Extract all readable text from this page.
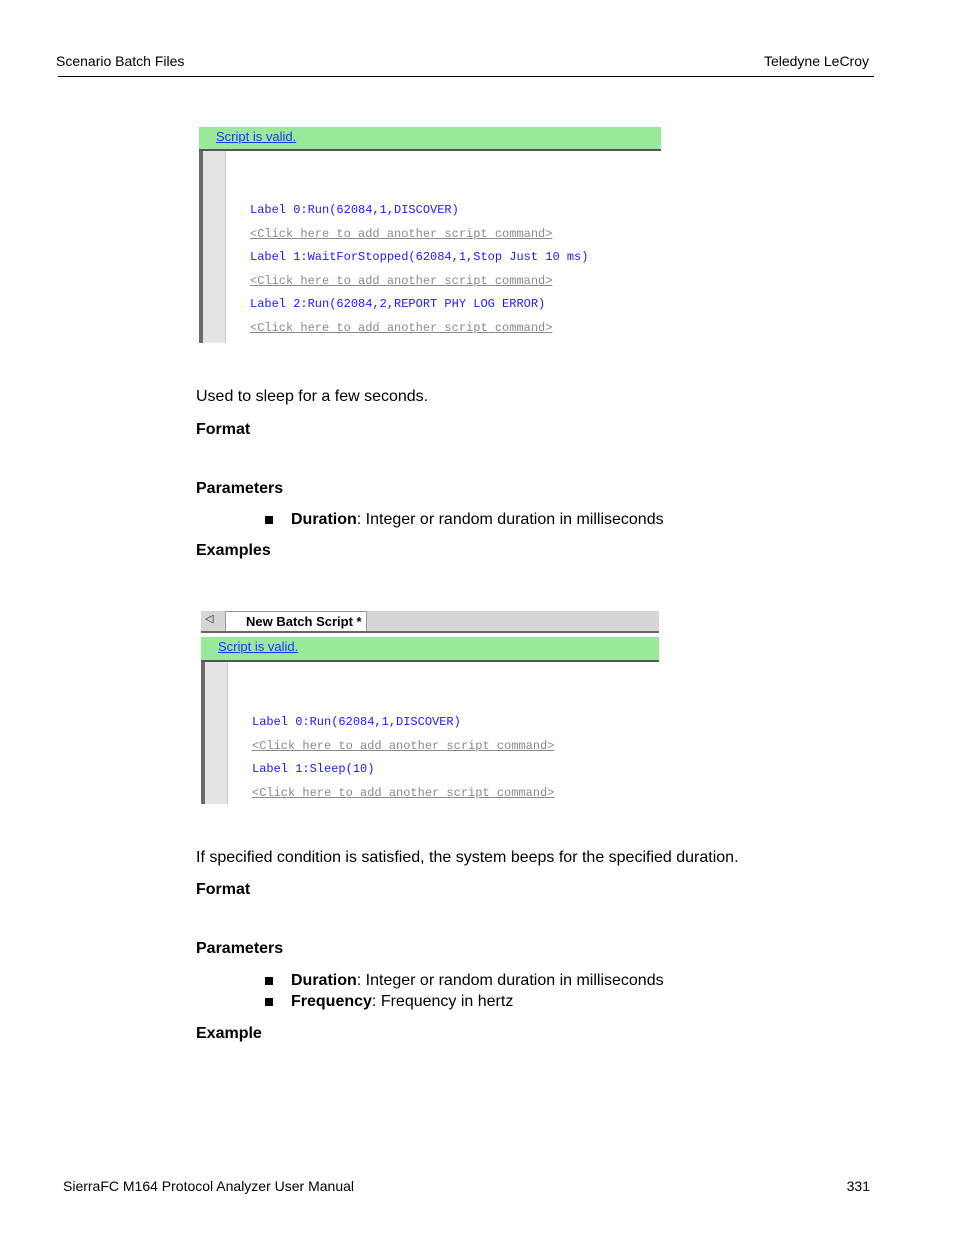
Scenario Batch Files	Teledyne LeCroy
Script is valid.
Label 0:Run(62084,1,DISCOVER)
<Click here to add another script command>
Label 1:WaitForStopped(62084,1,Stop Just 10 ms)
<Click here to add another script command>
Label 2:Run(62084,2,REPORT PHY LOG ERROR)
<Click here to add another script command>
Used to sleep for a few seconds.
Format
Parameters
Duration : Integer or random duration in milliseconds
Examples
◁	New Batch Script *
Script is valid.
Label 0:Run(62084,1,DISCOVER)
<Click here to add another script command>
Label 1:Sleep(10)
<Click here to add another script command>
If specified condition is satisfied, the system beeps for the specified duration.
Format
Parameters
Duration : Integer or random duration in milliseconds
Frequency : Frequency in hertz
Example
SierraFC M164 Protocol Analyzer User Manual	331
